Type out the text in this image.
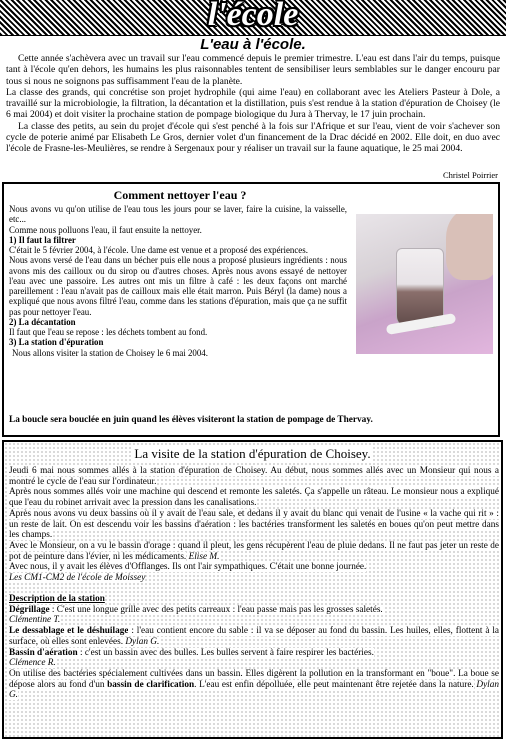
l'école
L'eau à l'école.

Cette année s'achèvera avec un travail sur l'eau commencé depuis le premier trimestre. L'eau est dans l'air du temps, puisque tant à l'école qu'en dehors, les humains les plus raisonnables tentent de sensibiliser leurs semblables sur le danger encouru par tous si nous ne soignons pas suffisamment l'eau de la planète.

La classe des grands, qui concrétise son projet hydrophile (qui aime l'eau) en collaborant avec les Ateliers Pasteur à Dole, a travaillé sur la microbiologie, la filtration, la décantation et la distillation, puis s'est rendue à la station d'épuration de Choisey (le 6 mai 2004) et doit visiter la prochaine station de pompage biologique du Jura à Thervay, le 17 juin prochain.

La classe des petits, au sein du projet d'école qui s'est penché à la fois sur l'Afrique et sur l'eau, vient de voir s'achever son cycle de poterie animé par Elisabeth Le Gros, dernier volet d'un financement de la Drac décidé en 2002. Elle doit, en duo avec l'école de Frasne-les-Meulières, se rendre à Sergenaux pour y réaliser un travail sur la faune aquatique, le 25 mai 2004.

Christel Poirrier
Comment nettoyer l'eau ?

Nous avons vu qu'on utilise de l'eau tous les jours pour se laver, faire la cuisine, la vaisselle, etc...

Comme nous polluons l'eau, il faut ensuite la nettoyer.

1) Il faut la filtrer

C'était le 5 février 2004, à l'école. Une dame est venue et a proposé des expériences.

Nous avons versé de l'eau dans un bécher puis elle nous a proposé plusieurs ingrédients : nous avons mis des cailloux ou du sirop ou d'autres choses. Après nous avons essayé de nettoyer l'eau avec une passoire. Les autres ont mis un filtre à café : les deux façons ont marché pareillement : l'eau n'avait pas de cailloux mais elle était marron. Puis Béryl (la dame) nous a expliqué que nous avons filtré l'eau, comme dans les stations d'épuration, mais que ça ne suffit pas pour nettoyer l'eau.

2) La décantation

Il faut que l'eau se repose : les déchets tombent au fond.

3) La station d'épuration

Nous allons visiter la station de Choisey le 6 mai 2004.

La boucle sera bouclée en juin quand les élèves visiteront la station de pompage de Thervay.
La visite de la station d'épuration de Choisey.

Jeudi 6 mai nous sommes allés à la station d'épuration de Choisey. Au début, nous sommes allés avec un Monsieur qui nous a montré le cycle de l'eau sur l'ordinateur.

Après nous sommes allés voir une machine qui descend et remonte les saletés. Ça s'appelle un râteau. Le monsieur nous a expliqué que l'eau du robinet arrivait avec la pression dans les canalisations.

Après nous avons vu deux bassins où il y avait de l'eau sale, et dedans il y avait du blanc qui venait de l'usine « la vache qui rit » : un reste de lait. On est descendu voir les bassins d'aération : les bactéries transforment les saletés en boues qu'on peut mettre dans les champs.

Avec le Monsieur, on a vu le bassin d'orage : quand il pleut, les gens récupèrent l'eau de pluie dedans. Il ne faut pas jeter un reste de pot de peinture dans l'évier, ni les médicaments. Elise M.

Avec nous, il y avait les élèves d'Offlanges. Ils ont l'air sympathiques. C'était une bonne journée.

Les CM1-CM2 de l'école de Moissey

Description de la station

Dégrillage : C'est une longue grille avec des petits carreaux : l'eau passe mais pas les grosses saletés.

Clémentine T.

Le dessablage et le déshuilage : l'eau contient encore du sable : il va se déposer au fond du bassin. Les huiles, elles, flottent à la surface, où elles sont enlevées. Dylan G.

Bassin d'aération : c'est un bassin avec des bulles. Les bulles servent à faire respirer les bactéries.

Clémence R.

On utilise des bactéries spécialement cultivées dans un bassin. Elles digèrent la pollution en la transformant en "boue". La boue se dépose alors au fond d'un bassin de clarification. L'eau est enfin dépolluée, elle peut maintenant être rejetée dans la nature. Dylan G.
